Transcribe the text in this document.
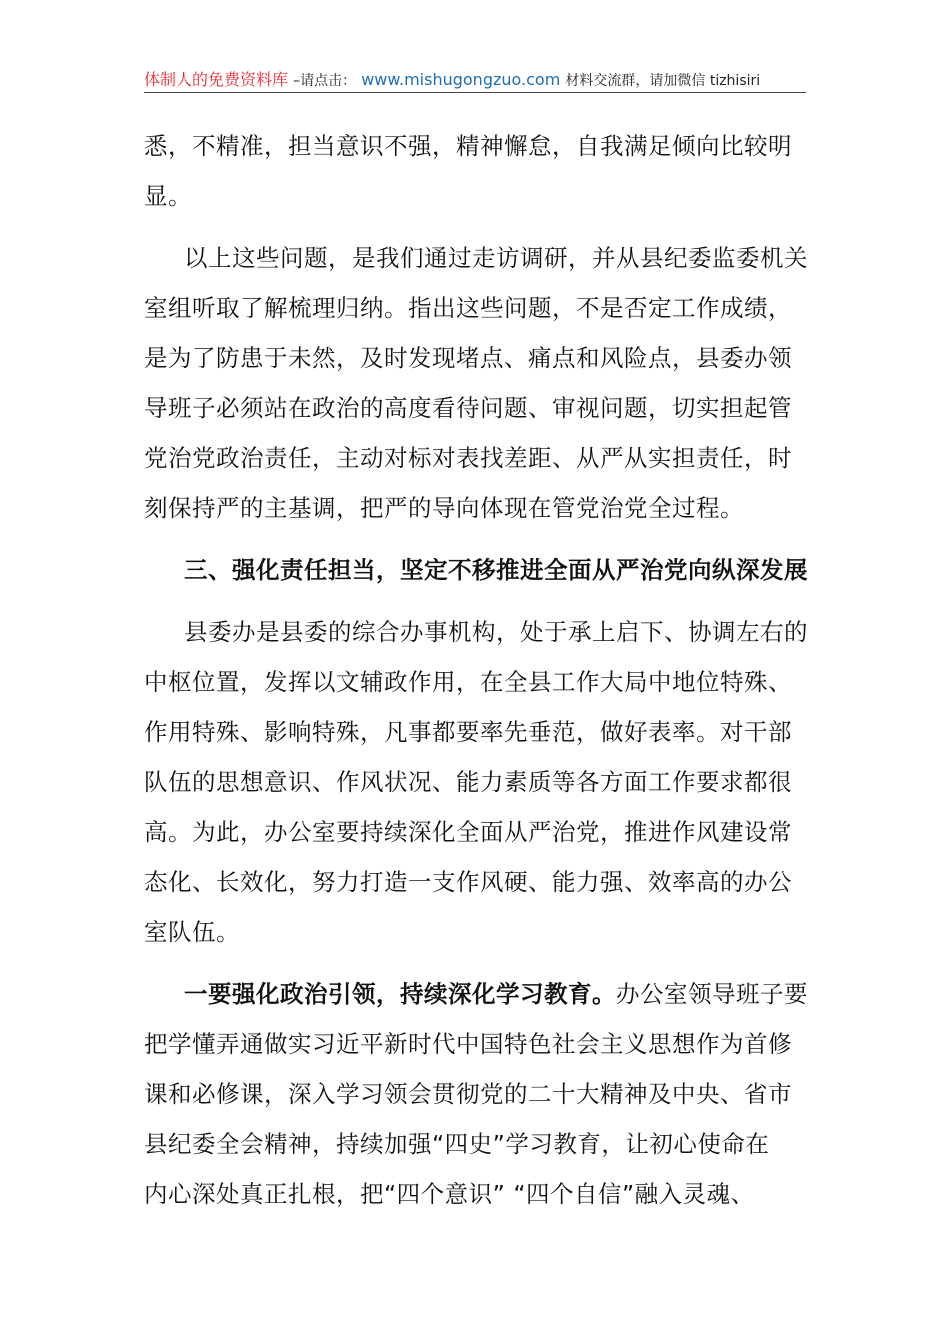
体制人的免费资料库 –请点击： www.mishugongzuo.com 材料交流群，请加微信 tizhisiri
悉，不精准，担当意识不强，精神懈怠，自我满足倾向比较明
显。
以上这些问题，是我们通过走访调研，并从县纪委监委机关
室组听取了解梳理归纳。指出这些问题，不是否定工作成绩，
是为了防患于未然，及时发现堵点、痛点和风险点，县委办领
导班子必须站在政治的高度看待问题、审视问题，切实担起管
党治党政治责任，主动对标对表找差距、从严从实担责任，时
刻保持严的主基调，把严的导向体现在管党治党全过程。
三、强化责任担当，坚定不移推进全面从严治党向纵深发展
县委办是县委的综合办事机构，处于承上启下、协调左右的
中枢位置，发挥以文辅政作用，在全县工作大局中地位特殊、
作用特殊、影响特殊，凡事都要率先垂范，做好表率。对干部
队伍的思想意识、作风状况、能力素质等各方面工作要求都很
高。为此，办公室要持续深化全面从严治党，推进作风建设常
态化、长效化，努力打造一支作风硬、能力强、效率高的办公
室队伍。
一要强化政治引领，持续深化学习教育。办公室领导班子要
把学懂弄通做实习近平新时代中国特色社会主义思想作为首修
课和必修课，深入学习领会贯彻党的二十大精神及中央、省市
县纪委全会精神，持续加强“四史”学习教育，让初心使命在
内心深处真正扎根，把“四个意识” “四个自信”融入灵魂、
